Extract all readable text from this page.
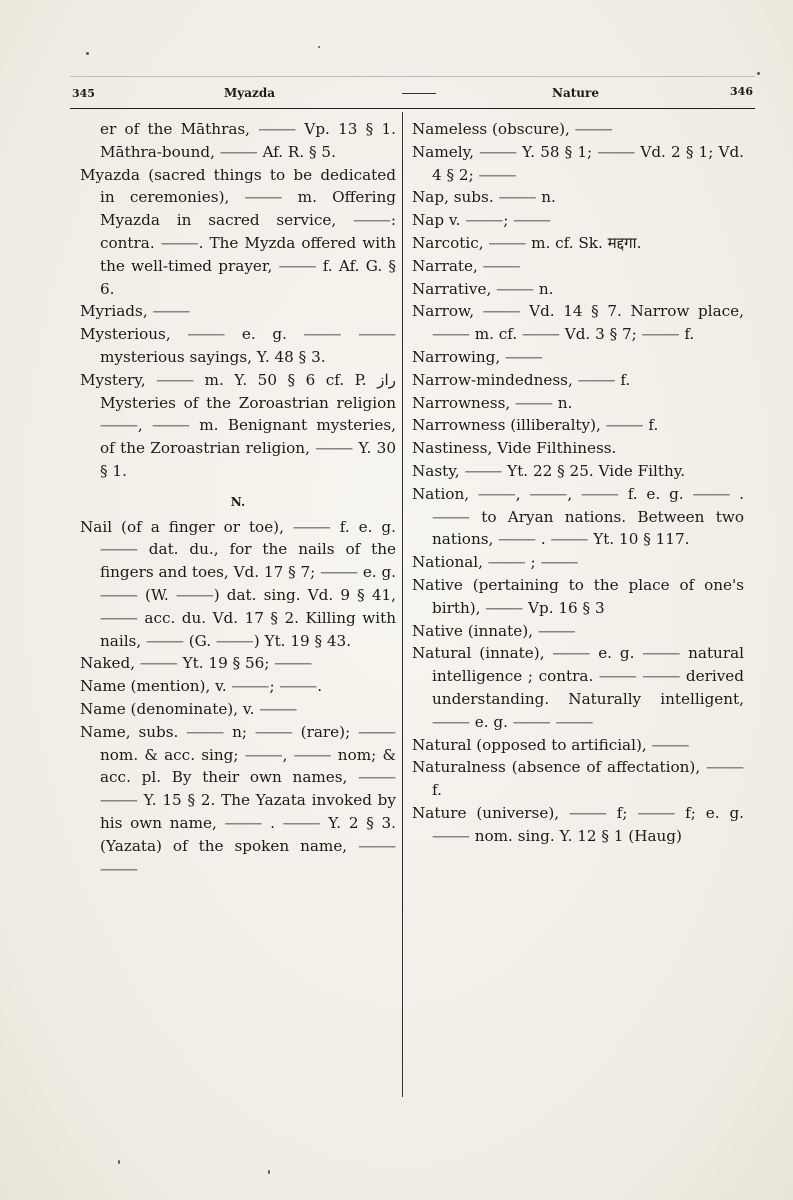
345	Myazda	Nature	346

er of the Māthras, ⸻ Vp. 13 § 1. Māthra-bound, ⸻ Af. R. § 5.

Myazda (sacred things to be dedicated in ceremonies), ⸻ m. Offering Myazda in sacred service, ⸻: contra. ⸻. The Myzda offered with the well-timed prayer, ⸻ f. Af. G. § 6.

Myriads, ⸻

Mysterious, ⸻ e. g. ⸻ ⸻ mysterious sayings, Y. 48 § 3.

Mystery, ⸻ m. Y. 50 § 6 cf. P. راز Mysteries of the Zoroastrian religion ⸻, ⸻ m. Benignant mysteries, of the Zoroastrian religion, ⸻ Y. 30 § 1.

N.

Nail (of a finger or toe), ⸻ f. e. g. ⸻ dat. du., for the nails of the fingers and toes, Vd. 17 § 7; ⸻ e. g. ⸻ (W. ⸻) dat. sing. Vd. 9 § 41, ⸻ acc. du. Vd. 17 § 2. Killing with nails, ⸻ (G. ⸻) Yt. 19 § 43.

Naked, ⸻ Yt. 19 § 56; ⸻

Name (mention), v. ⸻; ⸻.

Name (denominate), v. ⸻

Name, subs. ⸻ n; ⸻ (rare); ⸻ nom. & acc. sing; ⸻, ⸻ nom; & acc. pl. By their own names, ⸻ ⸻ Y. 15 § 2. The Yazata invoked by his own name, ⸻ . ⸻ Y. 2 § 3. (Yazata) of the spoken name, ⸻ ⸻

Nameless (obscure), ⸻

Namely, ⸻ Y. 58 § 1; ⸻ Vd. 2 § 1; Vd. 4 § 2; ⸻

Nap, subs. ⸻ n.

Nap v. ⸻; ⸻

Narcotic, ⸻ m. cf. Sk. मद्दगा.

Narrate, ⸻

Narrative, ⸻ n.

Narrow, ⸻ Vd. 14 § 7. Narrow place, ⸻ m. cf. ⸻ Vd. 3 § 7; ⸻ f.

Narrowing, ⸻

Narrow-mindedness, ⸻ f.

Narrowness, ⸻ n.

Narrowness (illiberalty), ⸻ f.

Nastiness, Vide Filthiness.

Nasty, ⸻ Yt. 22 § 25. Vide Filthy.

Nation, ⸻, ⸻, ⸻ f. e. g. ⸻ . ⸻ to Aryan nations. Between two nations, ⸻ . ⸻ Yt. 10 § 117.

National, ⸻ ; ⸻

Native (pertaining to the place of one's birth), ⸻ Vp. 16 § 3

Native (innate), ⸻

Natural (innate), ⸻ e. g. ⸻ natural intelligence ; contra. ⸻ ⸻ derived understanding. Naturally intelligent, ⸻ e. g. ⸻ ⸻

Natural (opposed to artificial), ⸻

Naturalness (absence of affectation), ⸻ f.

Nature (universe), ⸻ f; ⸻ f; e. g. ⸻ nom. sing. Y. 12 § 1 (Haug)
